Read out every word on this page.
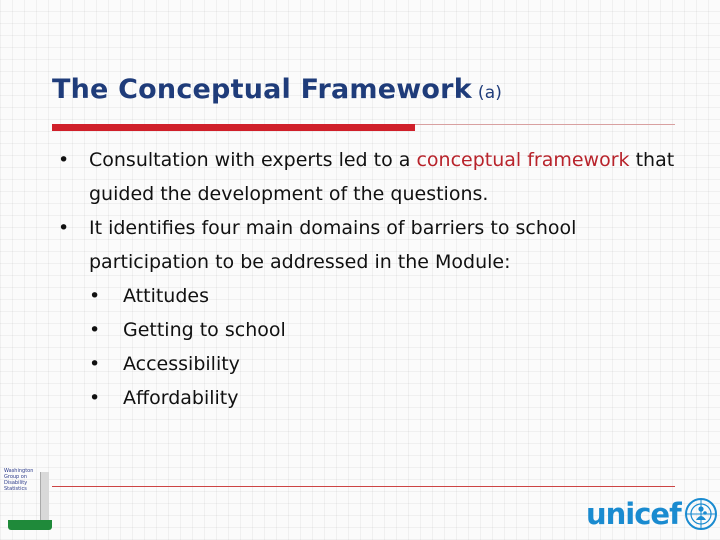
The Conceptual Framework (a)
•	Consultation with experts led to a conceptual framework that guided the development of the questions.
•	It identifies four main domains of barriers to school participation to be addressed in the Module:
•	Attitudes
•	Getting to school
•	Accessibility
•	Affordability
Washington Group on Disability Statistics
unicef
